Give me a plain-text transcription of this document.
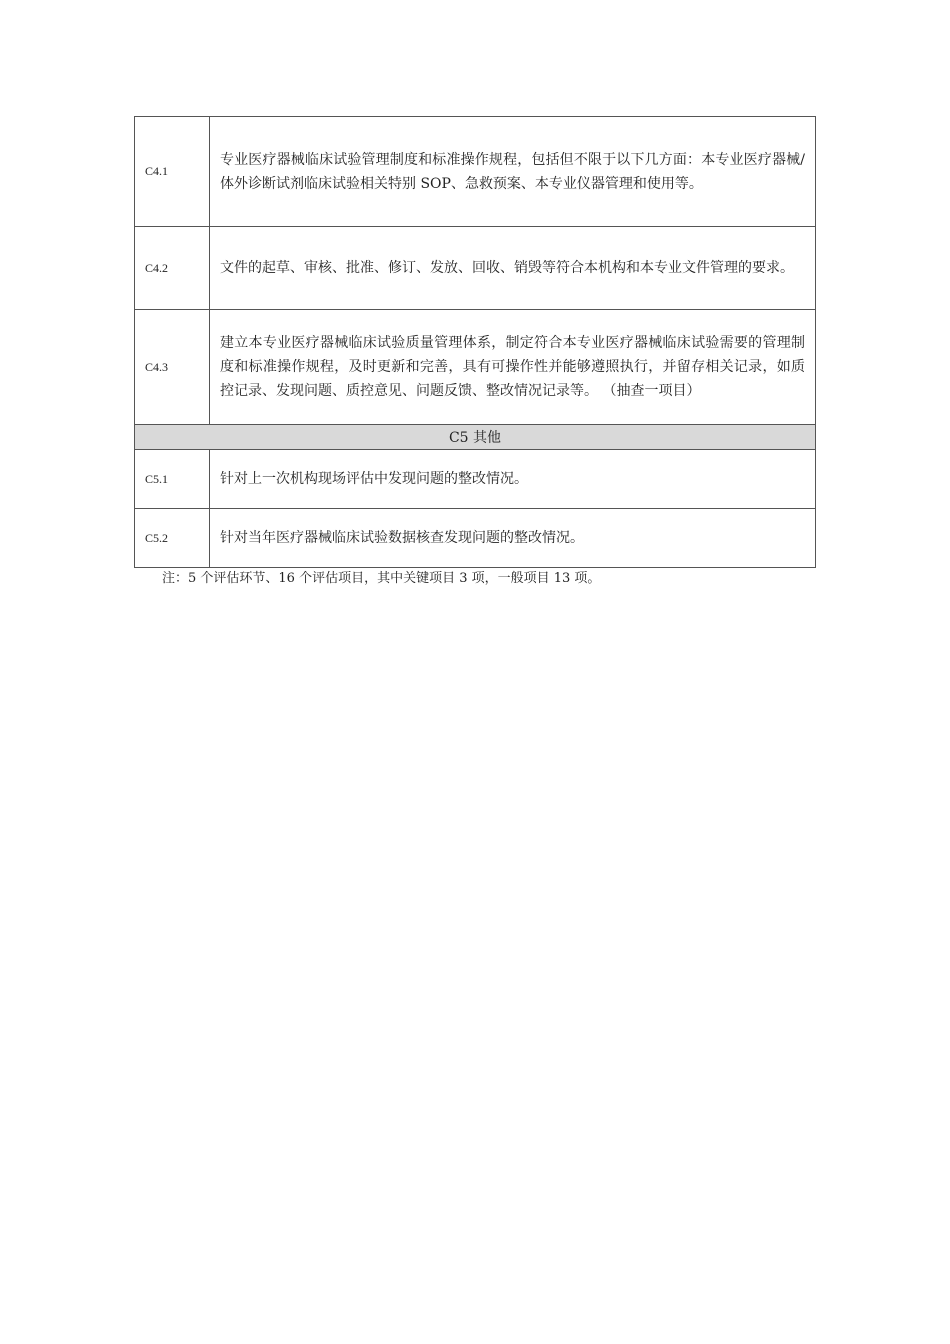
C4.1	专业医疗器械临床试验管理制度和标准操作规程，包括但不限于以下几方面：本专业医疗器械/体外诊断试剂临床试验相关特别 SOP、急救预案、本专业仪器管理和使用等。
C4.2	文件的起草、审核、批准、修订、发放、回收、销毁等符合本机构和本专业文件管理的要求。
C4.3	建立本专业医疗器械临床试验质量管理体系，制定符合本专业医疗器械临床试验需要的管理制度和标准操作规程，及时更新和完善，具有可操作性并能够遵照执行，并留存相关记录，如质控记录、发现问题、质控意见、问题反馈、整改情况记录等。 （抽查一项目）
C5 其他	
C5.1	针对上一次机构现场评估中发现问题的整改情况。
C5.2	针对当年医疗器械临床试验数据核查发现问题的整改情况。
注：5 个评估环节、16 个评估项目，其中关键项目 3 项，一般项目 13 项。
